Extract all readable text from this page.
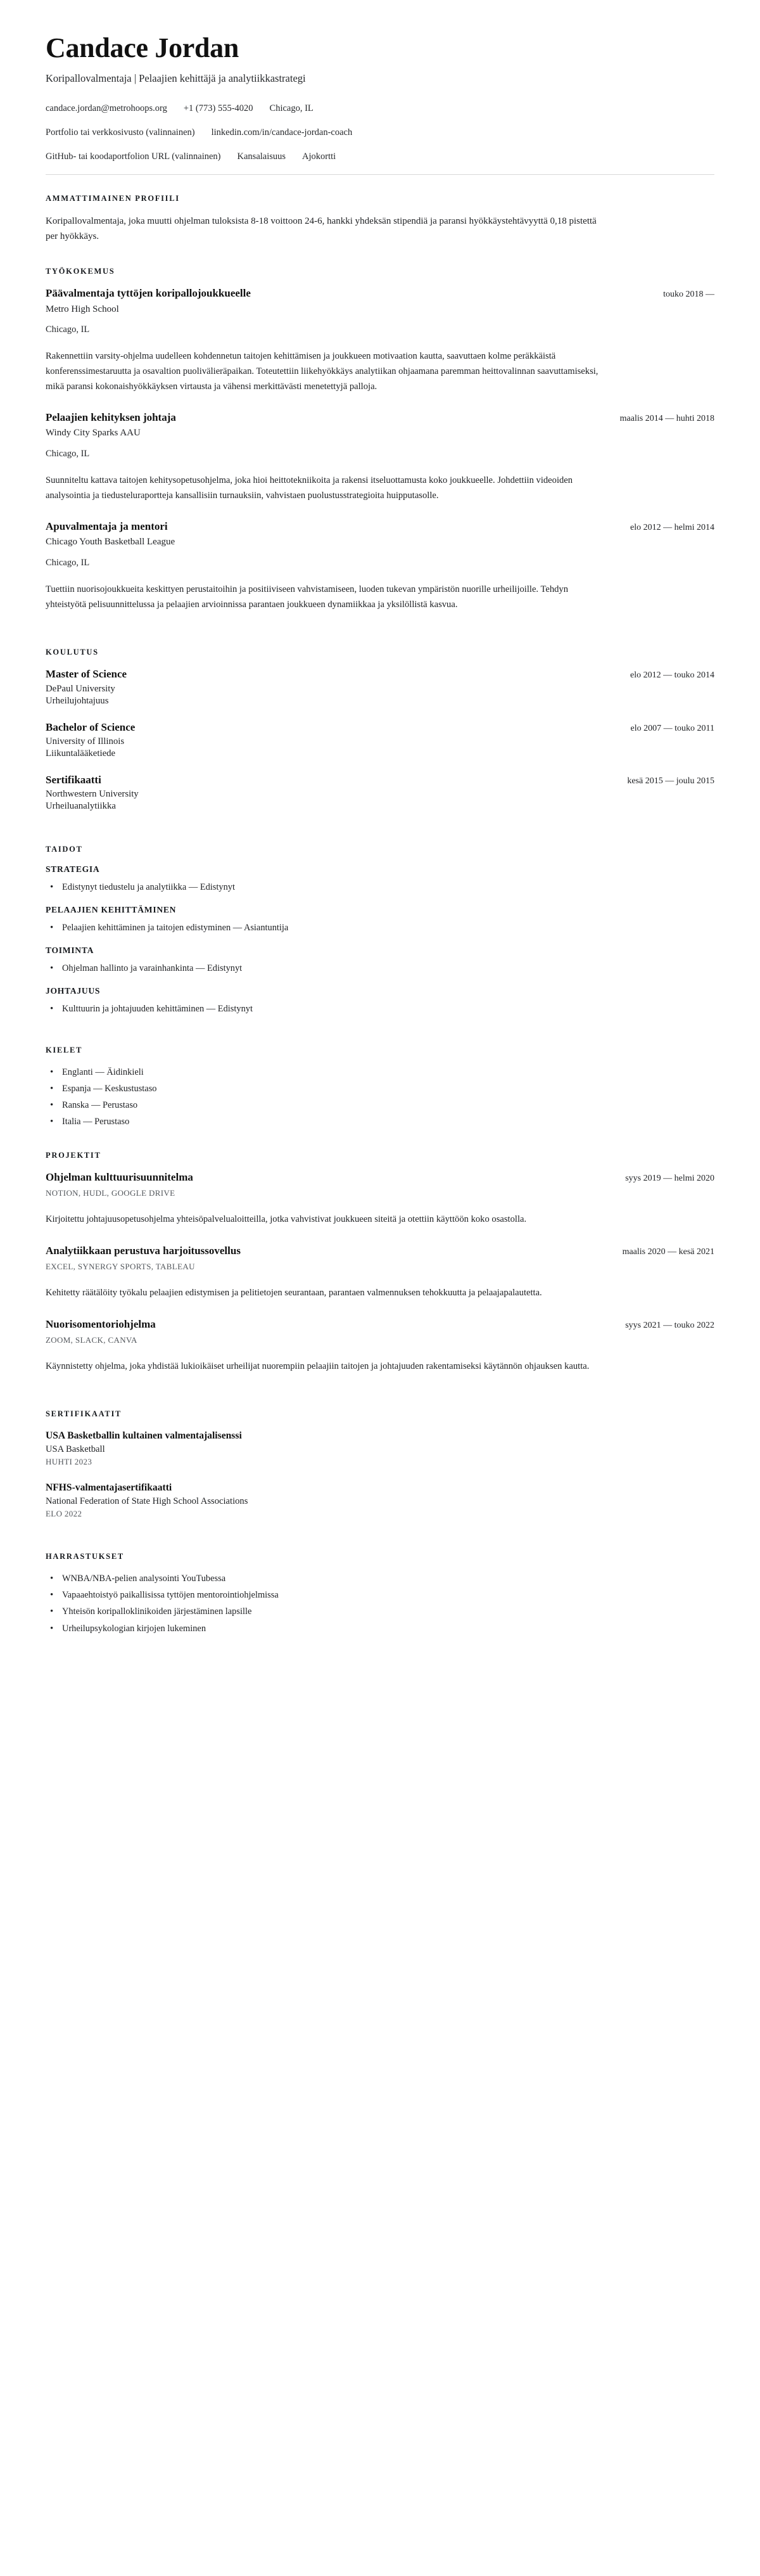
Candace Jordan

Koripallovalmentaja | Pelaajien kehittäjä ja analytiikkastrategi

candace.jordan@metrohoops.org +1 (773) 555-4020 Chicago, IL
Portfolio tai verkkosivusto (valinnainen) linkedin.com/in/candace-jordan-coach
GitHub- tai koodaportfolion URL (valinnainen) Kansalaisuus Ajokortti
AMMATTIMAINEN PROFIILI

Koripallovalmentaja, joka muutti ohjelman tuloksista 8-18 voittoon 24-6, hankki yhdeksän stipendiä ja paransi hyökkäystehtävyyttä 0,18 pistettä per hyökkäys.

TYÖKOKEMUS
Päävalmentaja tyttöjen koripallojoukkueelle	touko 2018 —

Metro High School

Chicago, IL

Rakennettiin varsity-ohjelma uudelleen kohdennetun taitojen kehittämisen ja joukkueen motivaation kautta, saavuttaen kolme peräkkäistä konferenssimestaruutta ja osavaltion puolivälieräpaikan. Toteutettiin liikehyökkäys analytiikan ohjaamana paremman heittovalinnan saavuttamiseksi, mikä paransi kokonaishyökkäyksen virtausta ja vähensi merkittävästi menetettyjä palloja.

Pelaajien kehityksen johtaja	maalis 2014 — huhti 2018

Windy City Sparks AAU

Chicago, IL

Suunniteltu kattava taitojen kehitysopetusohjelma, joka hioi heittotekniikoita ja rakensi itseluottamusta koko joukkueelle. Johdettiin videoiden analysointia ja tiedusteluraportteja kansallisiin turnauksiin, vahvistaen puolustusstrategioita huipputasolle.

Apuvalmentaja ja mentori	elo 2012 — helmi 2014

Chicago Youth Basketball League

Chicago, IL

Tuettiin nuorisojoukkueita keskittyen perustaitoihin ja positiiviseen vahvistamiseen, luoden tukevan ympäristön nuorille urheilijoille. Tehdyn yhteistyötä pelisuunnittelussa ja pelaajien arvioinnissa parantaen joukkueen dynamiikkaa ja yksilöllistä kasvua.

KOULUTUS
Master of Science	elo 2012 — touko 2014

DePaul University

Urheilujohtajuus

Bachelor of Science	elo 2007 — touko 2011

University of Illinois

Liikuntalääketiede

Sertifikaatti	kesä 2015 — joulu 2015

Northwestern University

Urheiluanalytiikka

TAIDOT
STRATEGIA
• Edistynyt tiedustelu ja analytiikka — Edistynyt
PELAAJIEN KEHITTÄMINEN
• Pelaajien kehittäminen ja taitojen edistyminen — Asiantuntija
TOIMINTA
• Ohjelman hallinto ja varainhankinta — Edistynyt
JOHTAJUUS
• Kulttuurin ja johtajuuden kehittäminen — Edistynyt
KIELET
• Englanti — Äidinkieli
• Espanja — Keskustustaso
• Ranska — Perustaso
• Italia — Perustaso
PROJEKTIT
Ohjelman kulttuurisuunnitelma	syys 2019 — helmi 2020

NOTION, HUDL, GOOGLE DRIVE

Kirjoitettu johtajuusopetusohjelma yhteisöpalvelualoitteilla, jotka vahvistivat joukkueen siteitä ja otettiin käyttöön koko osastolla.

Analytiikkaan perustuva harjoitussovellus	maalis 2020 — kesä 2021

EXCEL, SYNERGY SPORTS, TABLEAU

Kehitetty räätälöity työkalu pelaajien edistymisen ja pelitietojen seurantaan, parantaen valmennuksen tehokkuutta ja pelaajapalautetta.

Nuorisomentoriohjelma	syys 2021 — touko 2022

ZOOM, SLACK, CANVA

Käynnistetty ohjelma, joka yhdistää lukioikäiset urheilijat nuorempiin pelaajiin taitojen ja johtajuuden rakentamiseksi käytännön ohjauksen kautta.

SERTIFIKAATIT
USA Basketballin kultainen valmentajalisenssi

USA Basketball

HUHTI 2023

NFHS-valmentajasertifikaatti

National Federation of State High School Associations

ELO 2022

HARRASTUKSET
• WNBA/NBA-pelien analysointi YouTubessa
• Vapaaehtoistyö paikallisissa tyttöjen mentorointiohjelmissa
• Yhteisön koripalloklinikoiden järjestäminen lapsille
• Urheilupsykologian kirjojen lukeminen
